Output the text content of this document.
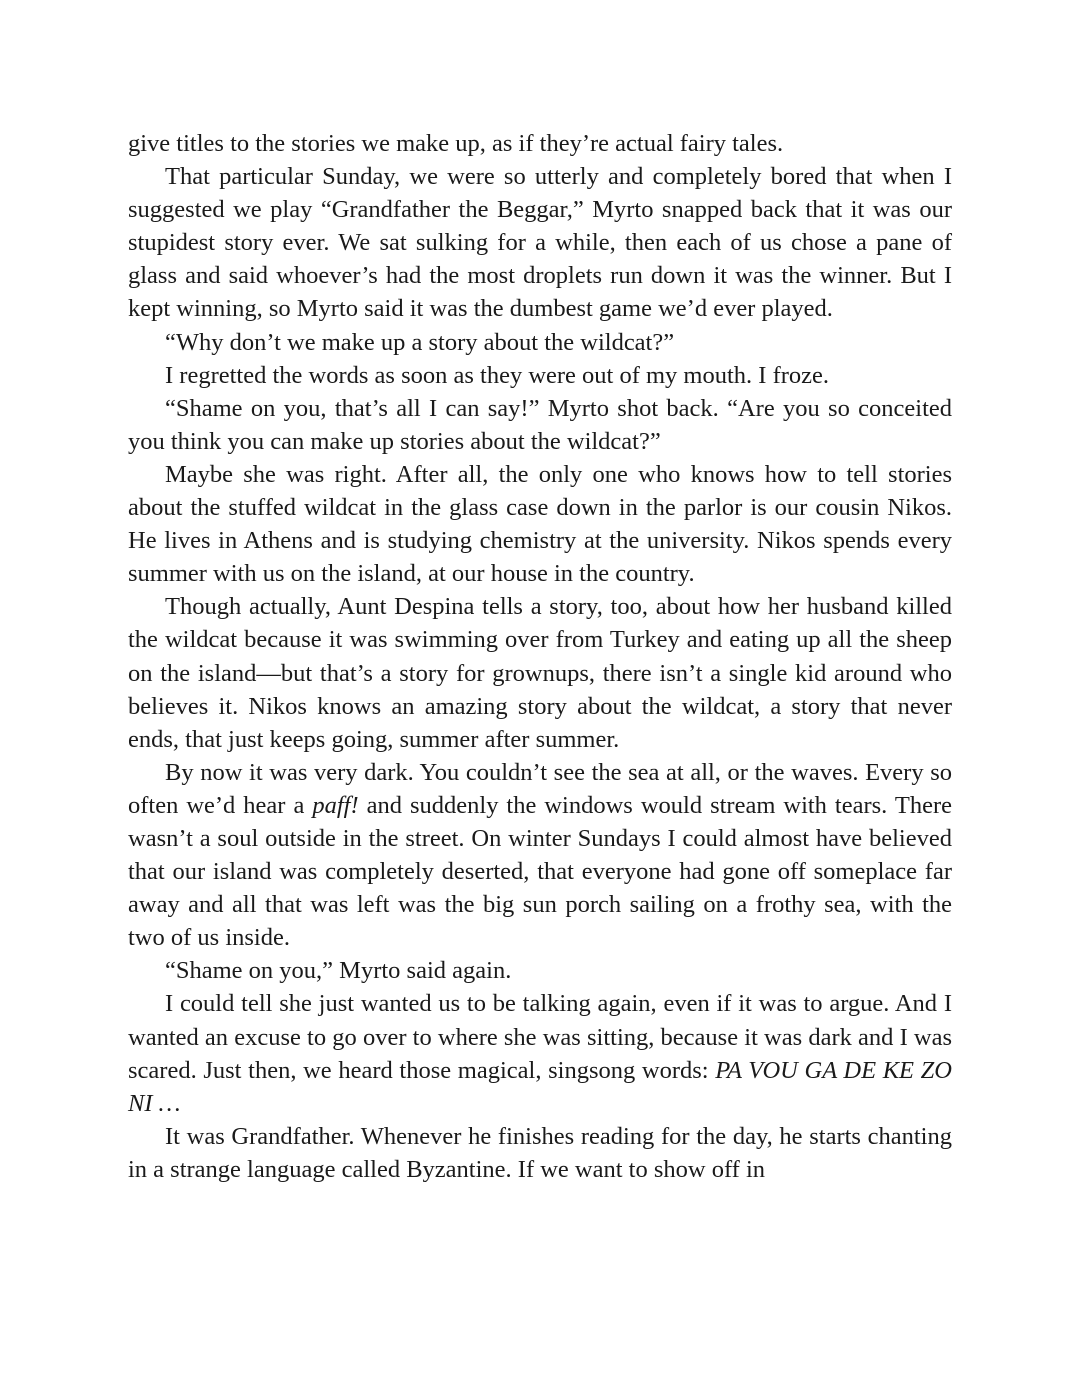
give titles to the stories we make up, as if they’re actual fairy tales.

That particular Sunday, we were so utterly and completely bored that when I suggested we play “Grandfather the Beggar,” Myrto snapped back that it was our stupidest story ever. We sat sulking for a while, then each of us chose a pane of glass and said whoever’s had the most droplets run down it was the winner. But I kept winning, so Myrto said it was the dumbest game we’d ever played.

“Why don’t we make up a story about the wildcat?”

I regretted the words as soon as they were out of my mouth. I froze.

“Shame on you, that’s all I can say!” Myrto shot back. “Are you so conceited you think you can make up stories about the wildcat?”

Maybe she was right. After all, the only one who knows how to tell stories about the stuffed wildcat in the glass case down in the parlor is our cousin Nikos. He lives in Athens and is studying chemistry at the university. Nikos spends every summer with us on the island, at our house in the country.

Though actually, Aunt Despina tells a story, too, about how her husband killed the wildcat because it was swimming over from Turkey and eating up all the sheep on the island—but that’s a story for grownups, there isn’t a single kid around who believes it. Nikos knows an amazing story about the wildcat, a story that never ends, that just keeps going, summer after summer.

By now it was very dark. You couldn’t see the sea at all, or the waves. Every so often we’d hear a paff! and suddenly the windows would stream with tears. There wasn’t a soul outside in the street. On winter Sundays I could almost have believed that our island was completely deserted, that everyone had gone off someplace far away and all that was left was the big sun porch sailing on a frothy sea, with the two of us inside.

“Shame on you,” Myrto said again.

I could tell she just wanted us to be talking again, even if it was to argue. And I wanted an excuse to go over to where she was sitting, because it was dark and I was scared. Just then, we heard those magical, singsong words: PA VOU GA DE KE ZO NI …

It was Grandfather. Whenever he finishes reading for the day, he starts chanting in a strange language called Byzantine. If we want to show off in
